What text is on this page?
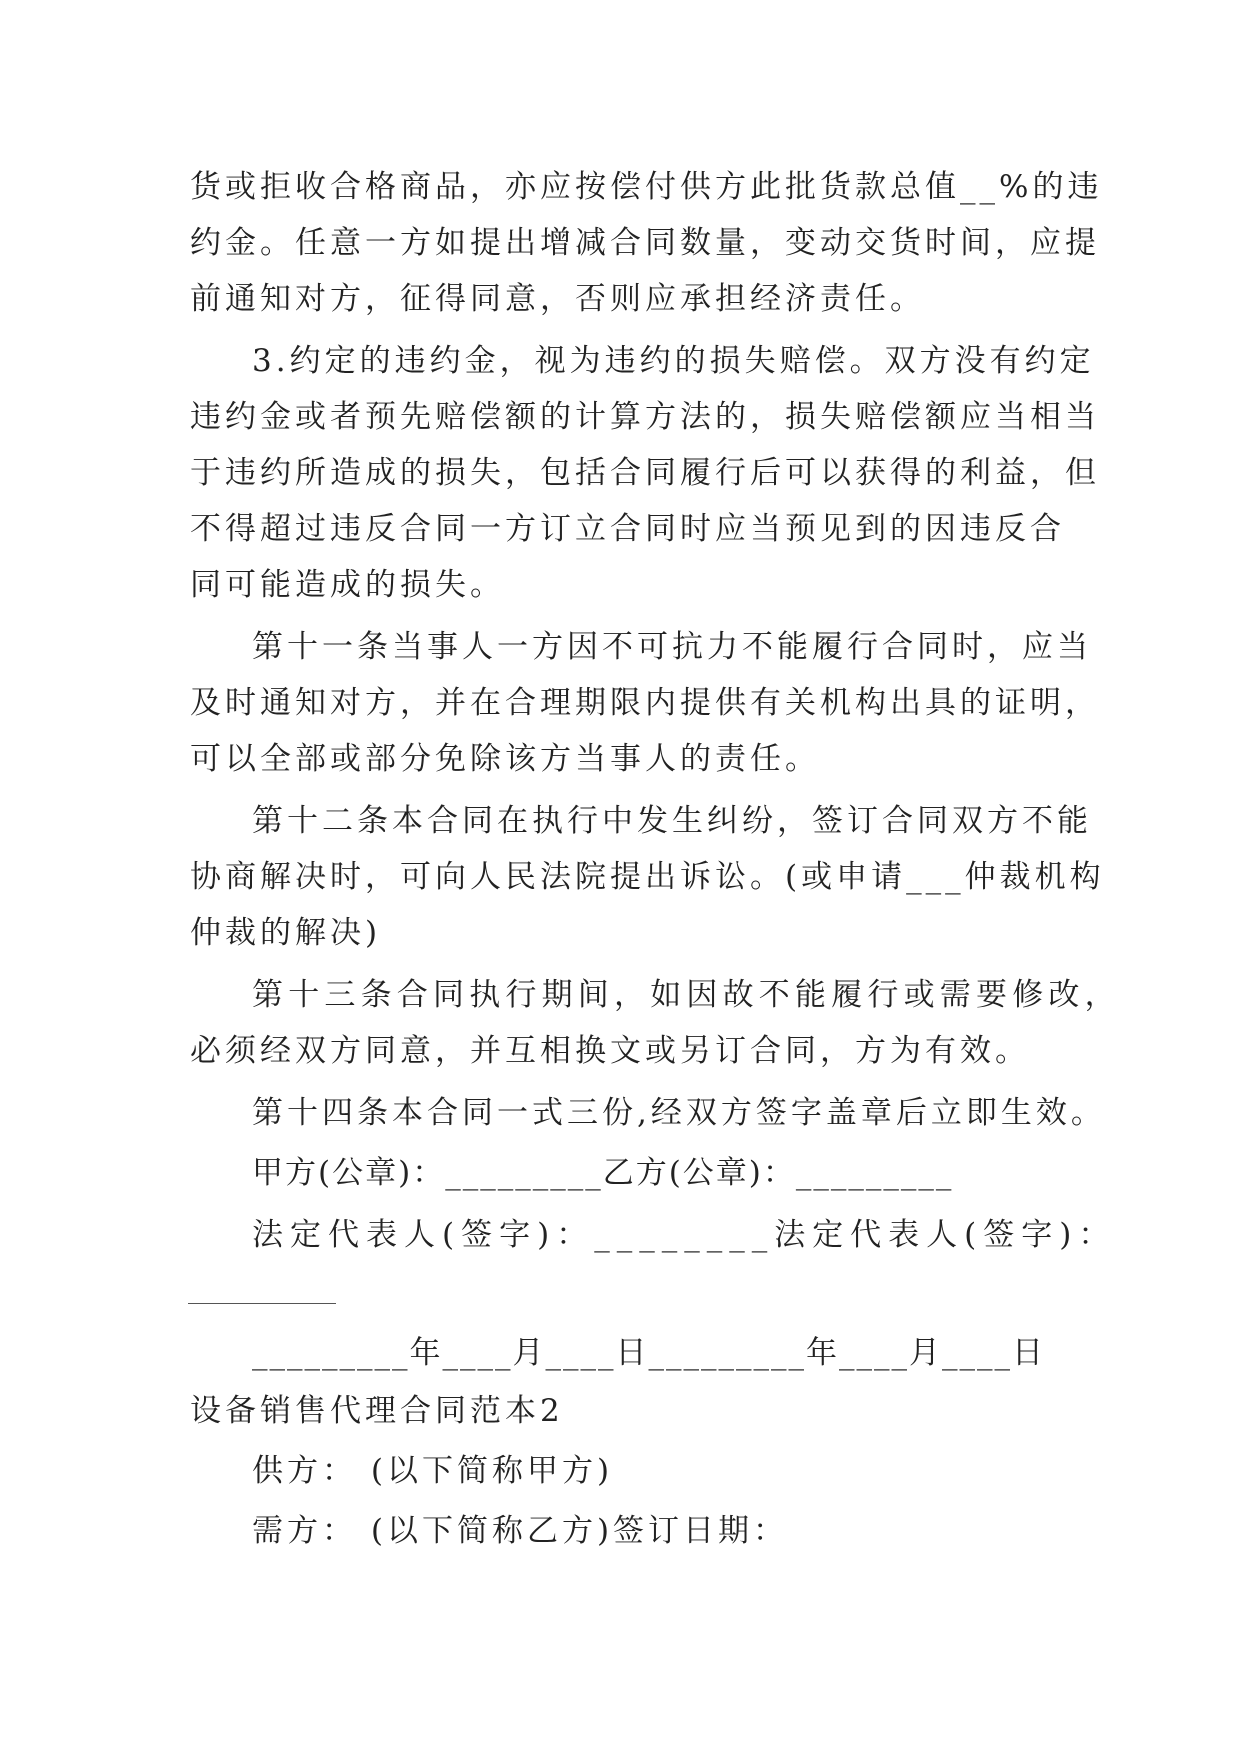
货或拒收合格商品，亦应按偿付供方此批货款总值__%的违
约金。任意一方如提出增减合同数量，变动交货时间，应提
前通知对方，征得同意，否则应承担经济责任。
3.约定的违约金，视为违约的损失赔偿。双方没有约定
违约金或者预先赔偿额的计算方法的，损失赔偿额应当相当
于违约所造成的损失，包括合同履行后可以获得的利益，但
不得超过违反合同一方订立合同时应当预见到的因违反合
同可能造成的损失。
第十一条当事人一方因不可抗力不能履行合同时，应当
及时通知对方，并在合理期限内提供有关机构出具的证明，
可以全部或部分免除该方当事人的责任。
第十二条本合同在执行中发生纠纷，签订合同双方不能
协商解决时，可向人民法院提出诉讼。(或申请___仲裁机构
仲裁的解决)
第十三条合同执行期间，如因故不能履行或需要修改，
必须经双方同意，并互相换文或另订合同，方为有效。
第十四条本合同一式三份,经双方签字盖章后立即生效。
甲方(公章)：_________乙方(公章)：_________
法定代表人(签字)：________法定代表人(签字)：
_________年____月____日_________年____月____日
设备销售代理合同范本2
供方： (以下简称甲方)
需方： (以下简称乙方)签订日期：
